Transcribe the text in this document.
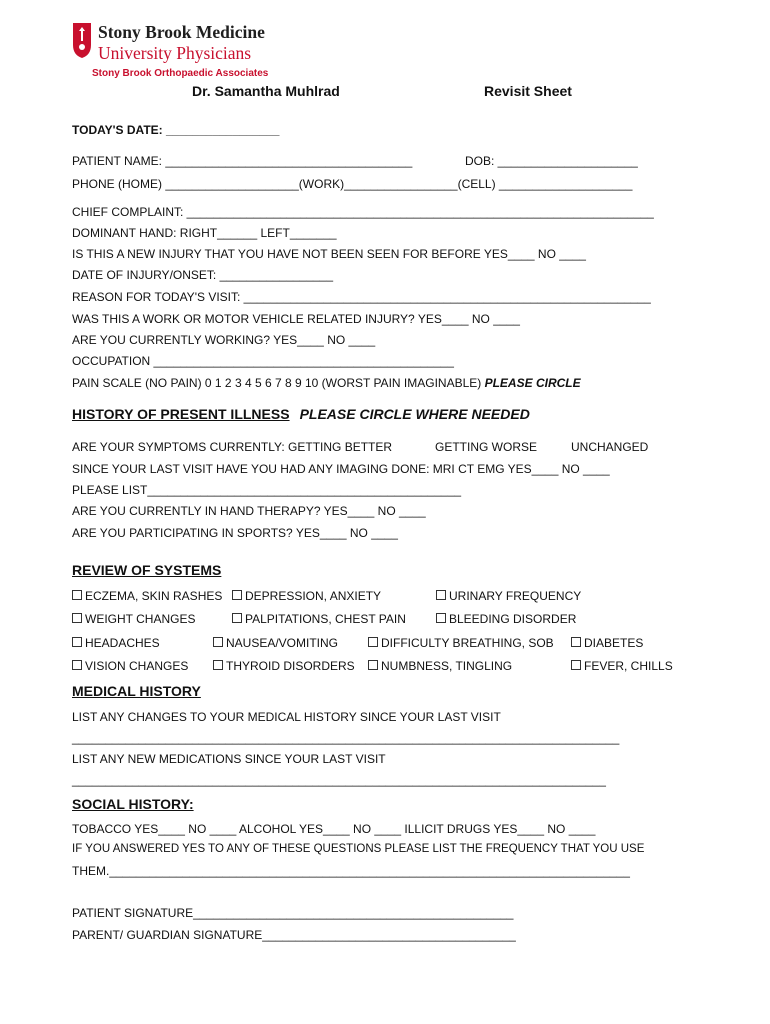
Stony Brook Medicine
University Physicians
Stony Brook Orthopaedic Associates
Dr. Samantha Muhlrad	Revisit Sheet
TODAY'S DATE: _________________
PATIENT NAME: _____________________________________	DOB: _____________________
PHONE (HOME) ____________________(WORK)_________________(CELL) ____________________
CHIEF COMPLAINT: ______________________________________________________________________
DOMINANT HAND: RIGHT______ LEFT_______
IS THIS A NEW INJURY THAT YOU HAVE NOT BEEN SEEN FOR BEFORE YES____ NO ____
DATE OF INJURY/ONSET: _________________
REASON FOR TODAY'S VISIT: _____________________________________________________________
WAS THIS A WORK OR MOTOR VEHICLE RELATED INJURY? YES____ NO ____
ARE YOU CURRENTLY WORKING? YES____ NO ____
OCCUPATION _____________________________________________
PAIN SCALE (NO PAIN) 0 1 2 3 4 5 6 7 8 9 10 (WORST PAIN IMAGINABLE) PLEASE CIRCLE
HISTORY OF PRESENT ILLNESS PLEASE CIRCLE WHERE NEEDED
ARE YOUR SYMPTOMS CURRENTLY: GETTING BETTER	GETTING WORSE	UNCHANGED
SINCE YOUR LAST VISIT HAVE YOU HAD ANY IMAGING DONE: MRI CT EMG YES____ NO ____
PLEASE LIST_______________________________________________
ARE YOU CURRENTLY IN HAND THERAPY? YES____ NO ____
ARE YOU PARTICIPATING IN SPORTS? YES____ NO ____
REVIEW OF SYSTEMS
ECZEMA, SKIN RASHES	DEPRESSION, ANXIETY	URINARY FREQUENCY
WEIGHT CHANGES	PALPITATIONS, CHEST PAIN	BLEEDING DISORDER
HEADACHES	NAUSEA/VOMITING	DIFFICULTY BREATHING, SOB	DIABETES
VISION CHANGES	THYROID DISORDERS	NUMBNESS, TINGLING	FEVER, CHILLS
MEDICAL HISTORY
LIST ANY CHANGES TO YOUR MEDICAL HISTORY SINCE YOUR LAST VISIT
__________________________________________________________________________________
LIST ANY NEW MEDICATIONS SINCE YOUR LAST VISIT
________________________________________________________________________________
SOCIAL HISTORY:
TOBACCO YES____ NO ____ ALCOHOL YES____ NO ____ ILLICIT DRUGS YES____ NO ____
IF YOU ANSWERED YES TO ANY OF THESE QUESTIONS PLEASE LIST THE FREQUENCY THAT YOU USE
THEM.______________________________________________________________________________
PATIENT SIGNATURE________________________________________________
PARENT/ GUARDIAN SIGNATURE______________________________________
